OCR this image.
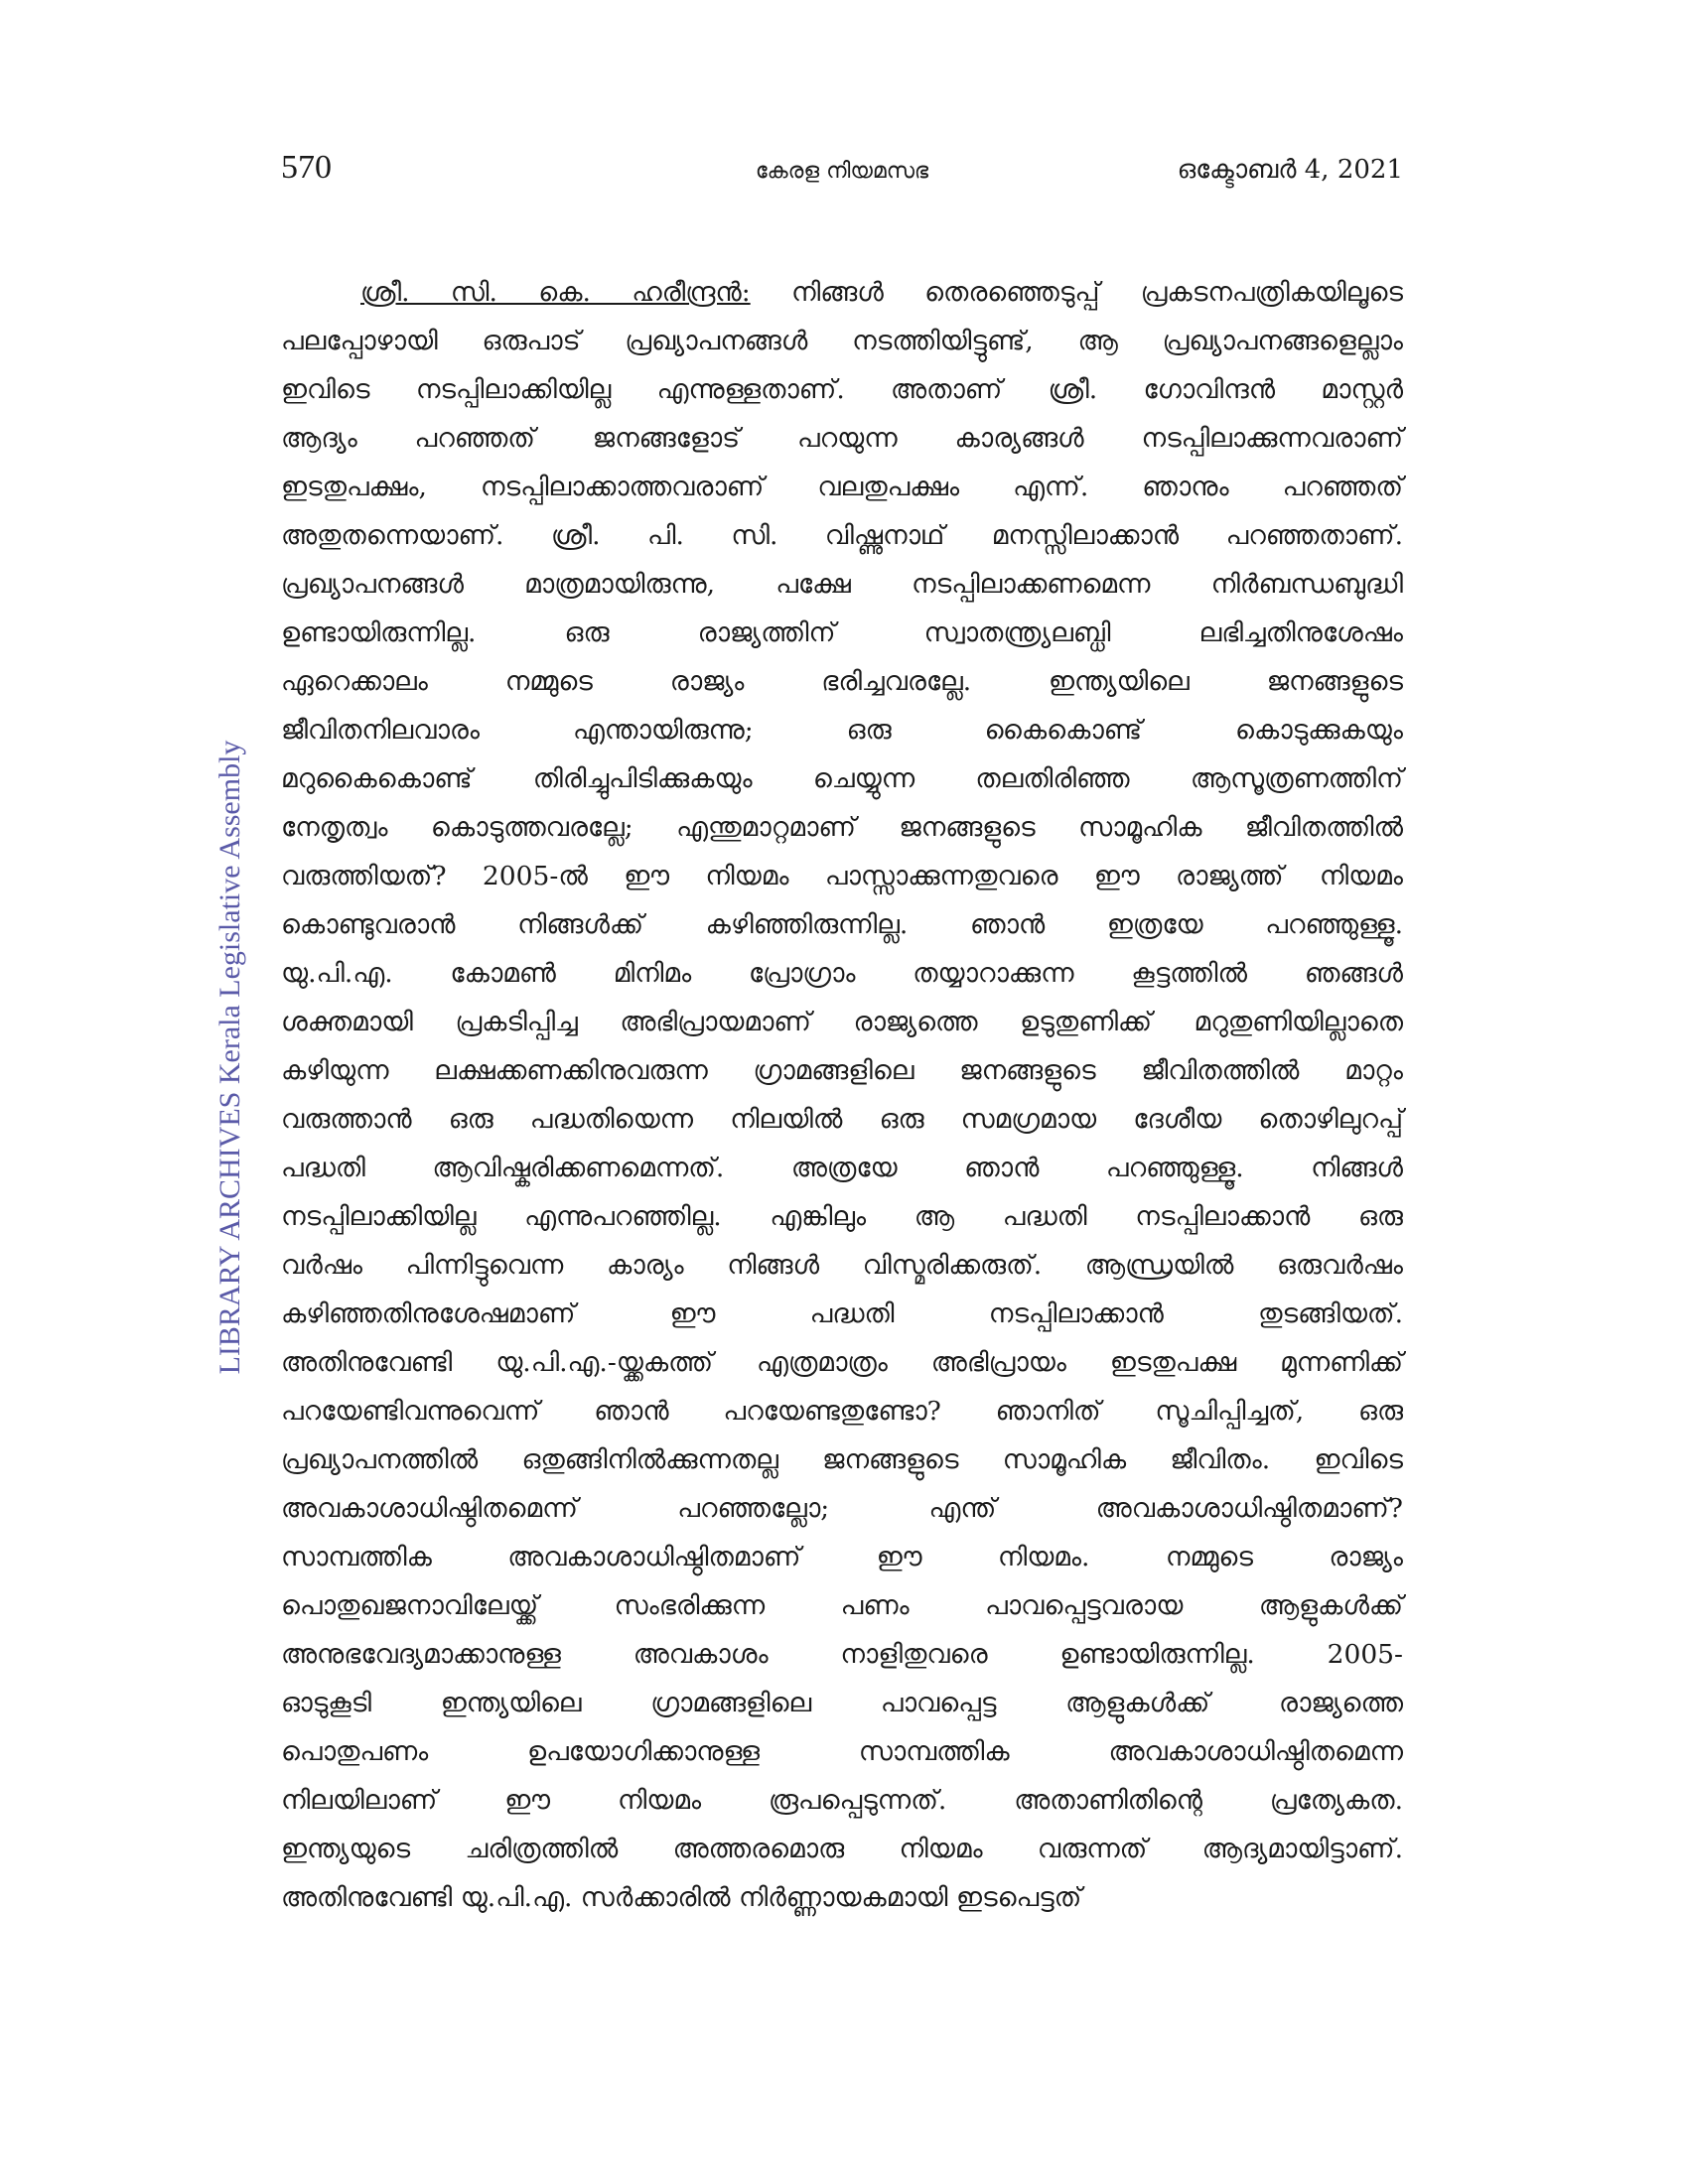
570	കേരള നിയമസഭ	ഒക്ടോബർ 4, 2021
LIBRARY ARCHIVES Kerala Legislative Assembly
ശ്രീ. സി. കെ. ഹരീന്ദ്രൻ: നിങ്ങൾ തെരഞ്ഞെടുപ്പ് പ്രകടനപത്രികയിലൂടെ
പലപ്പോഴായി ഒരുപാട് പ്രഖ്യാപനങ്ങൾ നടത്തിയിട്ടുണ്ട്, ആ പ്രഖ്യാപനങ്ങളെല്ലാം
ഇവിടെ നടപ്പിലാക്കിയില്ല എന്നുള്ളതാണ്. അതാണ് ശ്രീ. ഗോവിന്ദൻ മാസ്റ്റർ
ആദ്യം പറഞ്ഞത് ജനങ്ങളോട് പറയുന്ന കാര്യങ്ങൾ നടപ്പിലാക്കുന്നവരാണ്
ഇടതുപക്ഷം, നടപ്പിലാക്കാത്തവരാണ് വലതുപക്ഷം എന്ന്. ഞാനും പറഞ്ഞത്
അതുതന്നെയാണ്. ശ്രീ. പി. സി. വിഷ്ണുനാഥ് മനസ്സിലാക്കാൻ പറഞ്ഞതാണ്.
പ്രഖ്യാപനങ്ങൾ മാത്രമായിരുന്നു, പക്ഷേ നടപ്പിലാക്കണമെന്ന നിർബന്ധബുദ്ധി
ഉണ്ടായിരുന്നില്ല. ഒരു രാജ്യത്തിന് സ്വാതന്ത്ര്യലബ്ധി ലഭിച്ചതിനുശേഷം
ഏറെക്കാലം നമ്മുടെ രാജ്യം ഭരിച്ചവരല്ലേ. ഇന്ത്യയിലെ ജനങ്ങളുടെ
ജീവിതനിലവാരം എന്തായിരുന്നു; ഒരു കൈകൊണ്ട് കൊടുക്കുകയും
മറുകൈകൊണ്ട് തിരിച്ചുപിടിക്കുകയും ചെയ്യുന്ന തലതിരിഞ്ഞ ആസൂത്രണത്തിന്
നേതൃത്വം കൊടുത്തവരല്ലേ; എന്തുമാറ്റമാണ് ജനങ്ങളുടെ സാമൂഹിക ജീവിതത്തിൽ
വരുത്തിയത്? 2005-ൽ ഈ നിയമം പാസ്സാക്കുന്നതുവരെ ഈ രാജ്യത്ത് നിയമം
കൊണ്ടുവരാൻ നിങ്ങൾക്ക് കഴിഞ്ഞിരുന്നില്ല. ഞാൻ ഇത്രയേ പറഞ്ഞുള്ളൂ.
യു.പി.എ. കോമൺ മിനിമം പ്രോഗ്രാം തയ്യാറാക്കുന്ന കൂട്ടത്തിൽ ഞങ്ങൾ
ശക്തമായി പ്രകടിപ്പിച്ച അഭിപ്രായമാണ് രാജ്യത്തെ ഉടുതുണിക്ക് മറുതുണിയില്ലാതെ
കഴിയുന്ന ലക്ഷക്കണക്കിനുവരുന്ന ഗ്രാമങ്ങളിലെ ജനങ്ങളുടെ ജീവിതത്തിൽ മാറ്റം
വരുത്താൻ ഒരു പദ്ധതിയെന്ന നിലയിൽ ഒരു സമഗ്രമായ ദേശീയ തൊഴിലുറപ്പ്
പദ്ധതി ആവിഷ്കരിക്കണമെന്നത്. അത്രയേ ഞാൻ പറഞ്ഞുള്ളൂ. നിങ്ങൾ
നടപ്പിലാക്കിയില്ല എന്നുപറഞ്ഞില്ല. എങ്കിലും ആ പദ്ധതി നടപ്പിലാക്കാൻ ഒരു
വർഷം പിന്നിട്ടുവെന്ന കാര്യം നിങ്ങൾ വിസ്മരിക്കരുത്. ആന്ധ്രയിൽ ഒരുവർഷം
കഴിഞ്ഞതിനുശേഷമാണ് ഈ പദ്ധതി നടപ്പിലാക്കാൻ തുടങ്ങിയത്.
അതിനുവേണ്ടി യു.പി.എ.-യ്ക്കകത്ത് എത്രമാത്രം അഭിപ്രായം ഇടതുപക്ഷ മുന്നണിക്ക്
പറയേണ്ടിവന്നുവെന്ന് ഞാൻ പറയേണ്ടതുണ്ടോ? ഞാനിത് സൂചിപ്പിച്ചത്, ഒരു
പ്രഖ്യാപനത്തിൽ ഒതുങ്ങിനിൽക്കുന്നതല്ല ജനങ്ങളുടെ സാമൂഹിക ജീവിതം. ഇവിടെ
അവകാശാധിഷ്ഠിതമെന്ന് പറഞ്ഞല്ലോ; എന്ത് അവകാശാധിഷ്ഠിതമാണ്?
സാമ്പത്തിക അവകാശാധിഷ്ഠിതമാണ് ഈ നിയമം. നമ്മുടെ രാജ്യം
പൊതുഖജനാവിലേയ്ക്ക് സംഭരിക്കുന്ന പണം പാവപ്പെട്ടവരായ ആളുകൾക്ക്
അനുഭവേദ്യമാക്കാനുള്ള അവകാശം നാളിതുവരെ ഉണ്ടായിരുന്നില്ല. 2005-
ഓടുകൂടി ഇന്ത്യയിലെ ഗ്രാമങ്ങളിലെ പാവപ്പെട്ട ആളുകൾക്ക് രാജ്യത്തെ
പൊതുപണം ഉപയോഗിക്കാനുള്ള സാമ്പത്തിക അവകാശാധിഷ്ഠിതമെന്ന
നിലയിലാണ് ഈ നിയമം രൂപപ്പെടുന്നത്. അതാണിതിന്റെ പ്രത്യേകത.
ഇന്ത്യയുടെ ചരിത്രത്തിൽ അത്തരമൊരു നിയമം വരുന്നത് ആദ്യമായിട്ടാണ്.
അതിനുവേണ്ടി യു.പി.എ. സർക്കാരിൽ നിർണ്ണായകമായി ഇടപെട്ടത്
